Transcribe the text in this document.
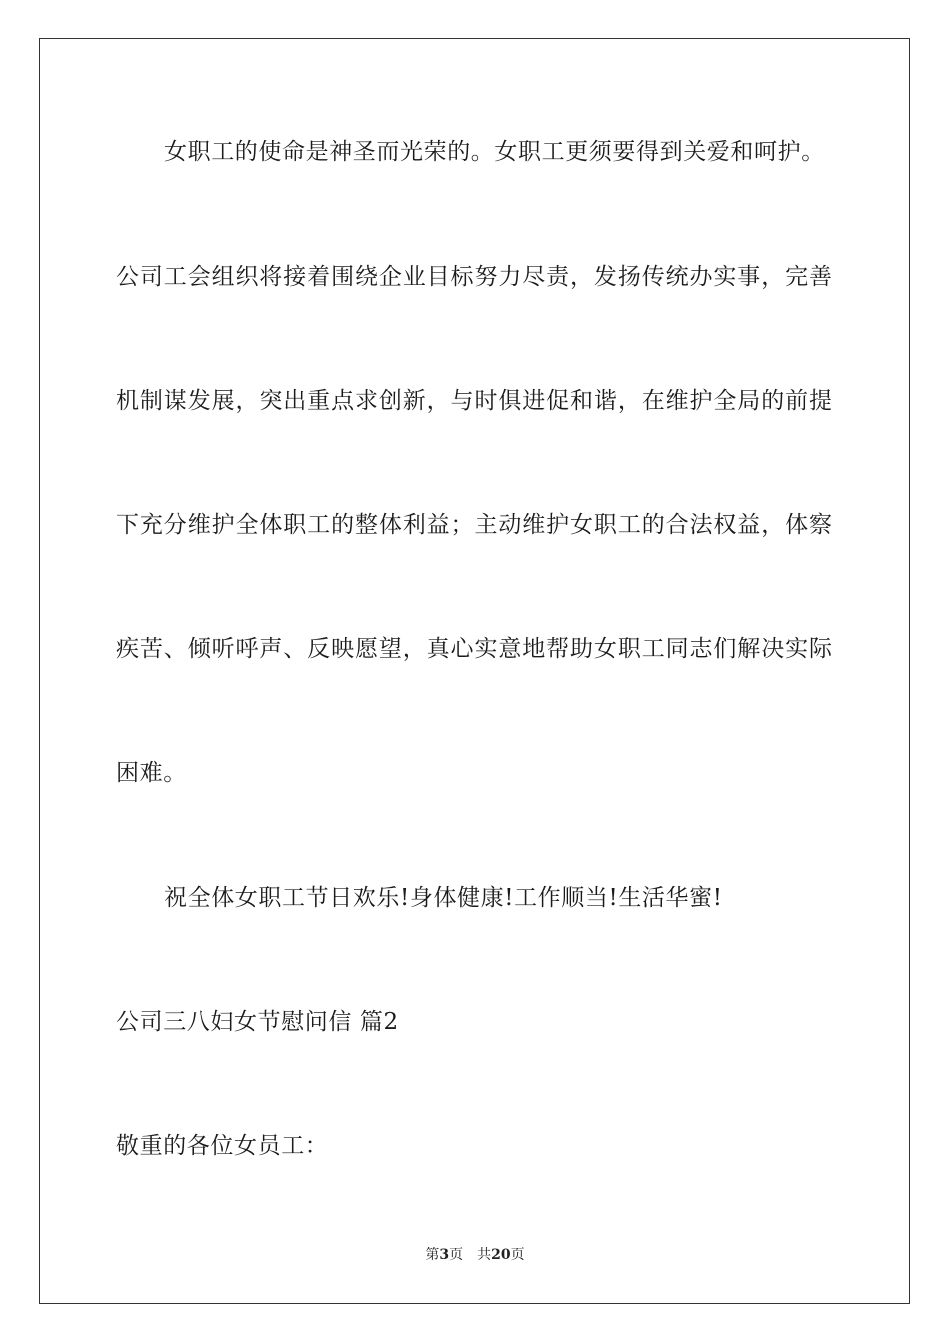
女职工的使命是神圣而光荣的。女职工更须要得到关爱和呵护。
公司工会组织将接着围绕企业目标努力尽责，发扬传统办实事，完善
机制谋发展，突出重点求创新，与时俱进促和谐，在维护全局的前提
下充分维护全体职工的整体利益；主动维护女职工的合法权益，体察
疾苦、倾听呼声、反映愿望，真心实意地帮助女职工同志们解决实际
困难。
祝全体女职工节日欢乐!身体健康!工作顺当!生活华蜜!
公司三八妇女节慰问信 篇2
敬重的各位女员工：
第3页 共20页
